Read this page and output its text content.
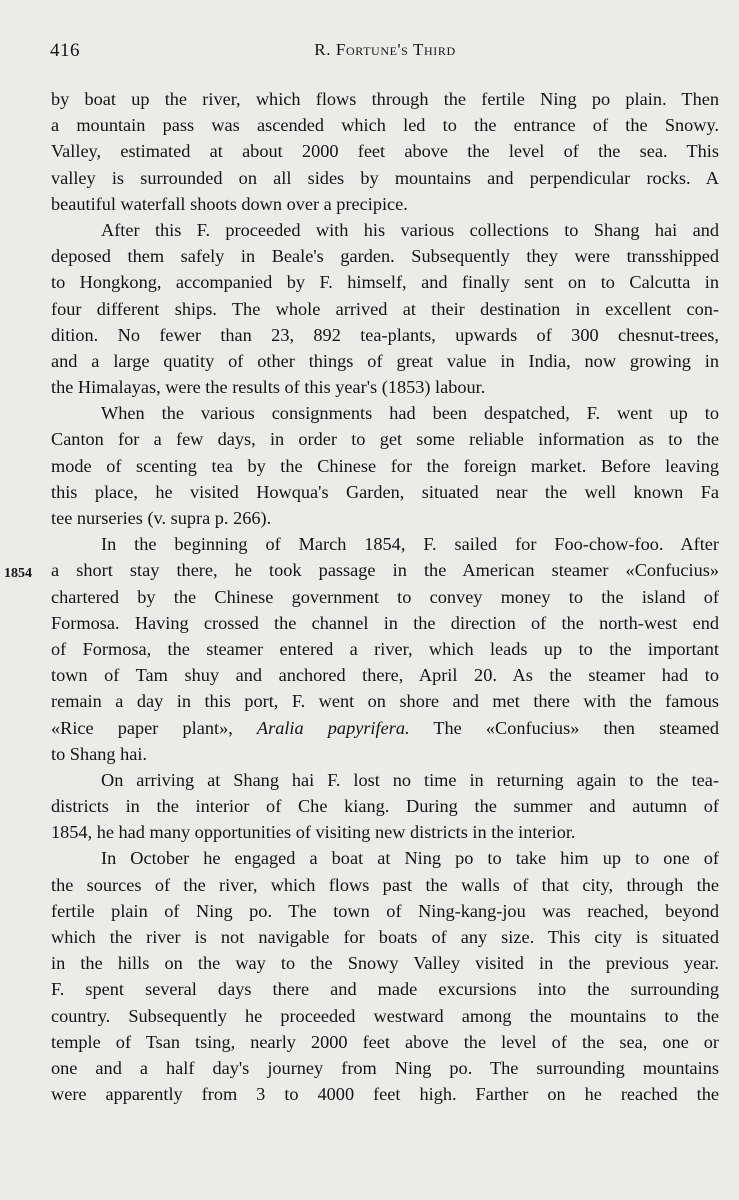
416	R. Fortune's Third
1854
by boat up the river, which flows through the fertile Ning po plain. Then
a mountain pass was ascended which led to the entrance of the Snowy.
Valley, estimated at about 2000 feet above the level of the sea. This
valley is surrounded on all sides by mountains and perpendicular rocks. A
beautiful waterfall shoots down over a precipice.
After this F. proceeded with his various collections to Shang hai and
deposed them safely in Beale's garden. Subsequently they were transshipped
to Hongkong, accompanied by F. himself, and finally sent on to Calcutta in
four different ships. The whole arrived at their destination in excellent con-
dition. No fewer than 23, 892 tea-plants, upwards of 300 chesnut-trees,
and a large quatity of other things of great value in India, now growing in
the Himalayas, were the results of this year's (1853) labour.
When the various consignments had been despatched, F. went up to
Canton for a few days, in order to get some reliable information as to the
mode of scenting tea by the Chinese for the foreign market. Before leaving
this place, he visited Howqua's Garden, situated near the well known Fa
tee nurseries (v. supra p. 266).
In the beginning of March 1854, F. sailed for Foo-chow-foo. After
a short stay there, he took passage in the American steamer «Confucius»
chartered by the Chinese government to convey money to the island of
Formosa. Having crossed the channel in the direction of the north-west end
of Formosa, the steamer entered a river, which leads up to the important
town of Tam shuy and anchored there, April 20. As the steamer had to
remain a day in this port, F. went on shore and met there with the famous
«Rice paper plant», Aralia papyrifera. The «Confucius» then steamed
to Shang hai.
On arriving at Shang hai F. lost no time in returning again to the tea-
districts in the interior of Che kiang. During the summer and autumn of
1854, he had many opportunities of visiting new districts in the interior.
In October he engaged a boat at Ning po to take him up to one of
the sources of the river, which flows past the walls of that city, through the
fertile plain of Ning po. The town of Ning-kang-jou was reached, beyond
which the river is not navigable for boats of any size. This city is situated
in the hills on the way to the Snowy Valley visited in the previous year.
F. spent several days there and made excursions into the surrounding
country. Subsequently he proceeded westward among the mountains to the
temple of Tsan tsing, nearly 2000 feet above the level of the sea, one or
one and a half day's journey from Ning po. The surrounding mountains
were apparently from 3 to 4000 feet high. Farther on he reached the
